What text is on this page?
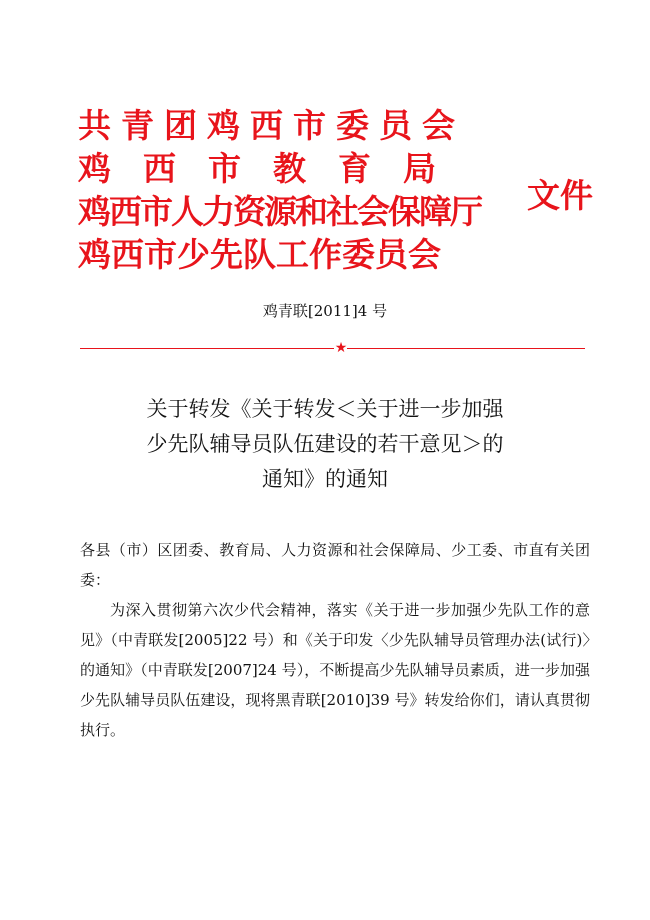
共青团鸡西市委员会
鸡西市教育局
鸡西市人力资源和社会保障厅
鸡西市少先队工作委员会
文件
鸡青联[2011]4 号
★
关于转发《关于转发＜关于进一步加强
少先队辅导员队伍建设的若干意见＞的
通知》的通知

各县（市）区团委、教育局、人力资源和社会保障局、少工委、市直有关团委：

为深入贯彻第六次少代会精神，落实《关于进一步加强少先队工作的意见》（中青联发[2005]22 号）和《关于印发〈少先队辅导员管理办法(试行)〉的通知》（中青联发[2007]24 号），不断提高少先队辅导员素质，进一步加强少先队辅导员队伍建设，现将黑青联[2010]39 号》转发给你们，请认真贯彻执行。
